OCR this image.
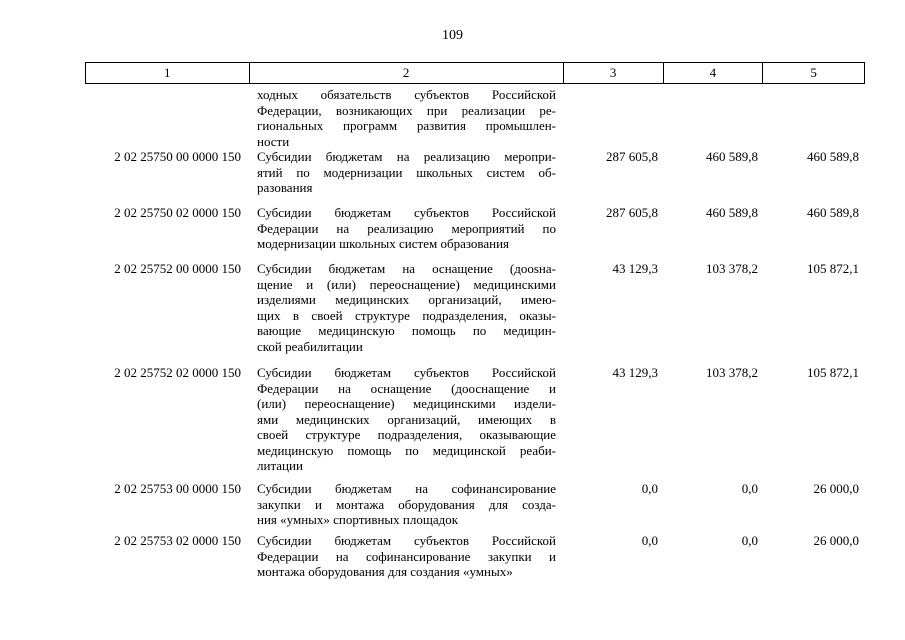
109
1	2	3	4	5
ходных обязательств субъектов Российской
Федерации, возникающих при реализации ре-
гиональных программ развития промышлен-
ности
2 02 25750 00 0000 150	Субсидии бюджетам на реализацию меропри-
ятий по модернизации школьных систем об-
разования
287 605,8	460 589,8	460 589,8
2 02 25750 02 0000 150	Субсидии бюджетам субъектов Российской
Федерации на реализацию мероприятий по
модернизации школьных систем образования
287 605,8	460 589,8	460 589,8
2 02 25752 00 0000 150	Субсидии бюджетам на оснащение (дооsна-
щение и (или) переоснащение) медицинскими
изделиями медицинских организаций, имею-
щих в своей структуре подразделения, оказы-
вающие медицинскую помощь по медицин-
ской реабилитации
43 129,3	103 378,2	105 872,1
2 02 25752 02 0000 150	Субсидии бюджетам субъектов Российской
Федерации на оснащение (дооснащение и
(или) переоснащение) медицинскими издели-
ями медицинских организаций, имеющих в
своей структуре подразделения, оказывающие
медицинскую помощь по медицинской реаби-
литации
43 129,3	103 378,2	105 872,1
2 02 25753 00 0000 150	Субсидии бюджетам на софинансирование
закупки и монтажа оборудования для созда-
ния «умных» спортивных площадок
0,0	0,0	26 000,0
2 02 25753 02 0000 150	Субсидии бюджетам субъектов Российской
Федерации на софинансирование закупки и
монтажа оборудования для создания «умных»
0,0	0,0	26 000,0
